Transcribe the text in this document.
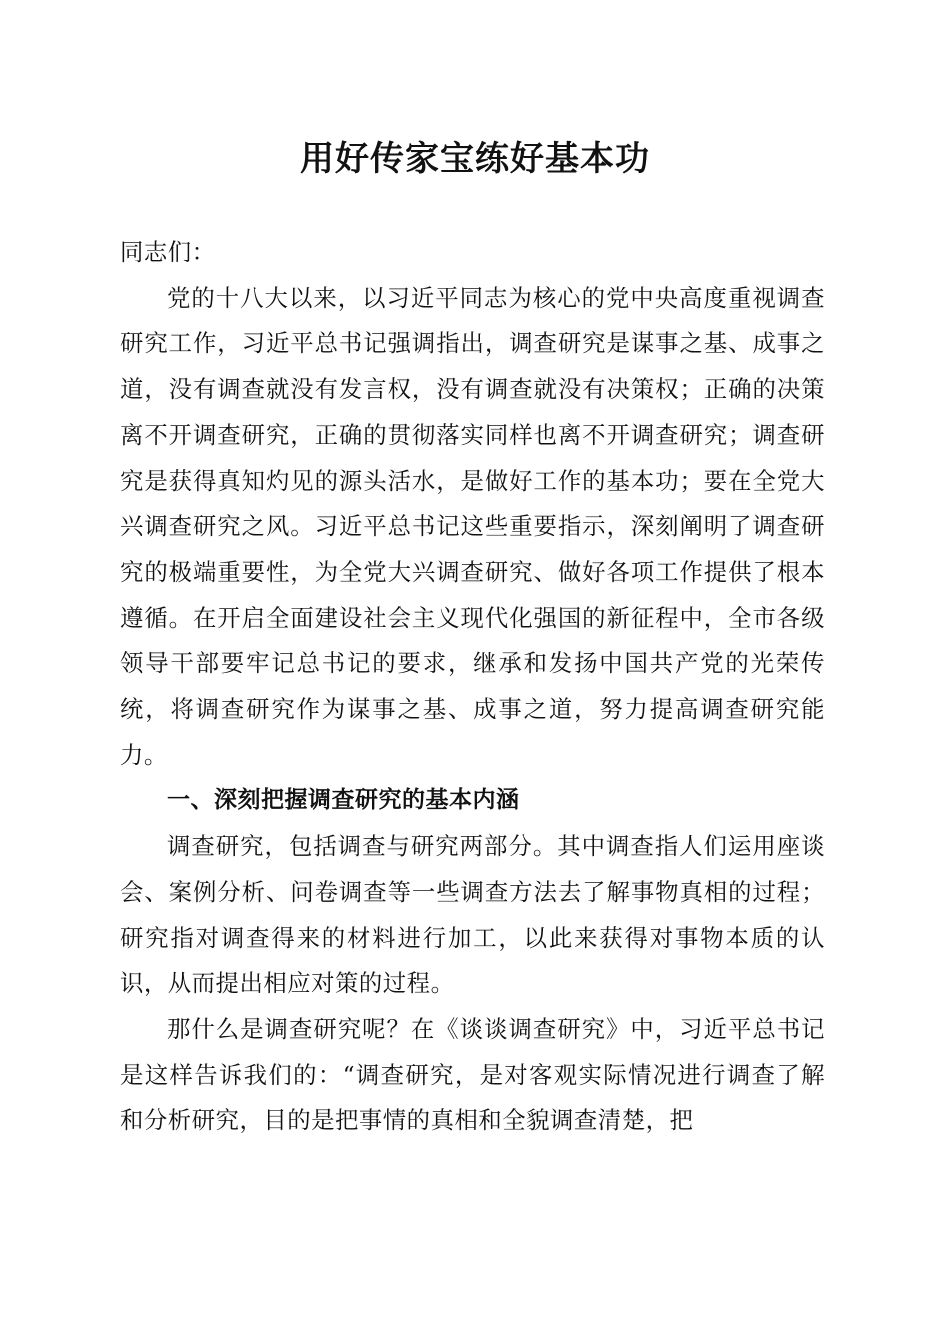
用好传家宝练好基本功

同志们：

党的十八大以来，以习近平同志为核心的党中央高度重视调查研究工作，习近平总书记强调指出，调查研究是谋事之基、成事之道，没有调查就没有发言权，没有调查就没有决策权；正确的决策离不开调查研究，正确的贯彻落实同样也离不开调查研究；调查研究是获得真知灼见的源头活水，是做好工作的基本功；要在全党大兴调查研究之风。习近平总书记这些重要指示，深刻阐明了调查研究的极端重要性，为全党大兴调查研究、做好各项工作提供了根本遵循。在开启全面建设社会主义现代化强国的新征程中，全市各级领导干部要牢记总书记的要求，继承和发扬中国共产党的光荣传统，将调查研究作为谋事之基、成事之道，努力提高调查研究能力。

一、深刻把握调查研究的基本内涵

调查研究，包括调查与研究两部分。其中调查指人们运用座谈会、案例分析、问卷调查等一些调查方法去了解事物真相的过程；研究指对调查得来的材料进行加工，以此来获得对事物本质的认识，从而提出相应对策的过程。

那什么是调查研究呢？在《谈谈调查研究》中，习近平总书记是这样告诉我们的：“调查研究，是对客观实际情况进行调查了解和分析研究，目的是把事情的真相和全貌调查清楚，把
